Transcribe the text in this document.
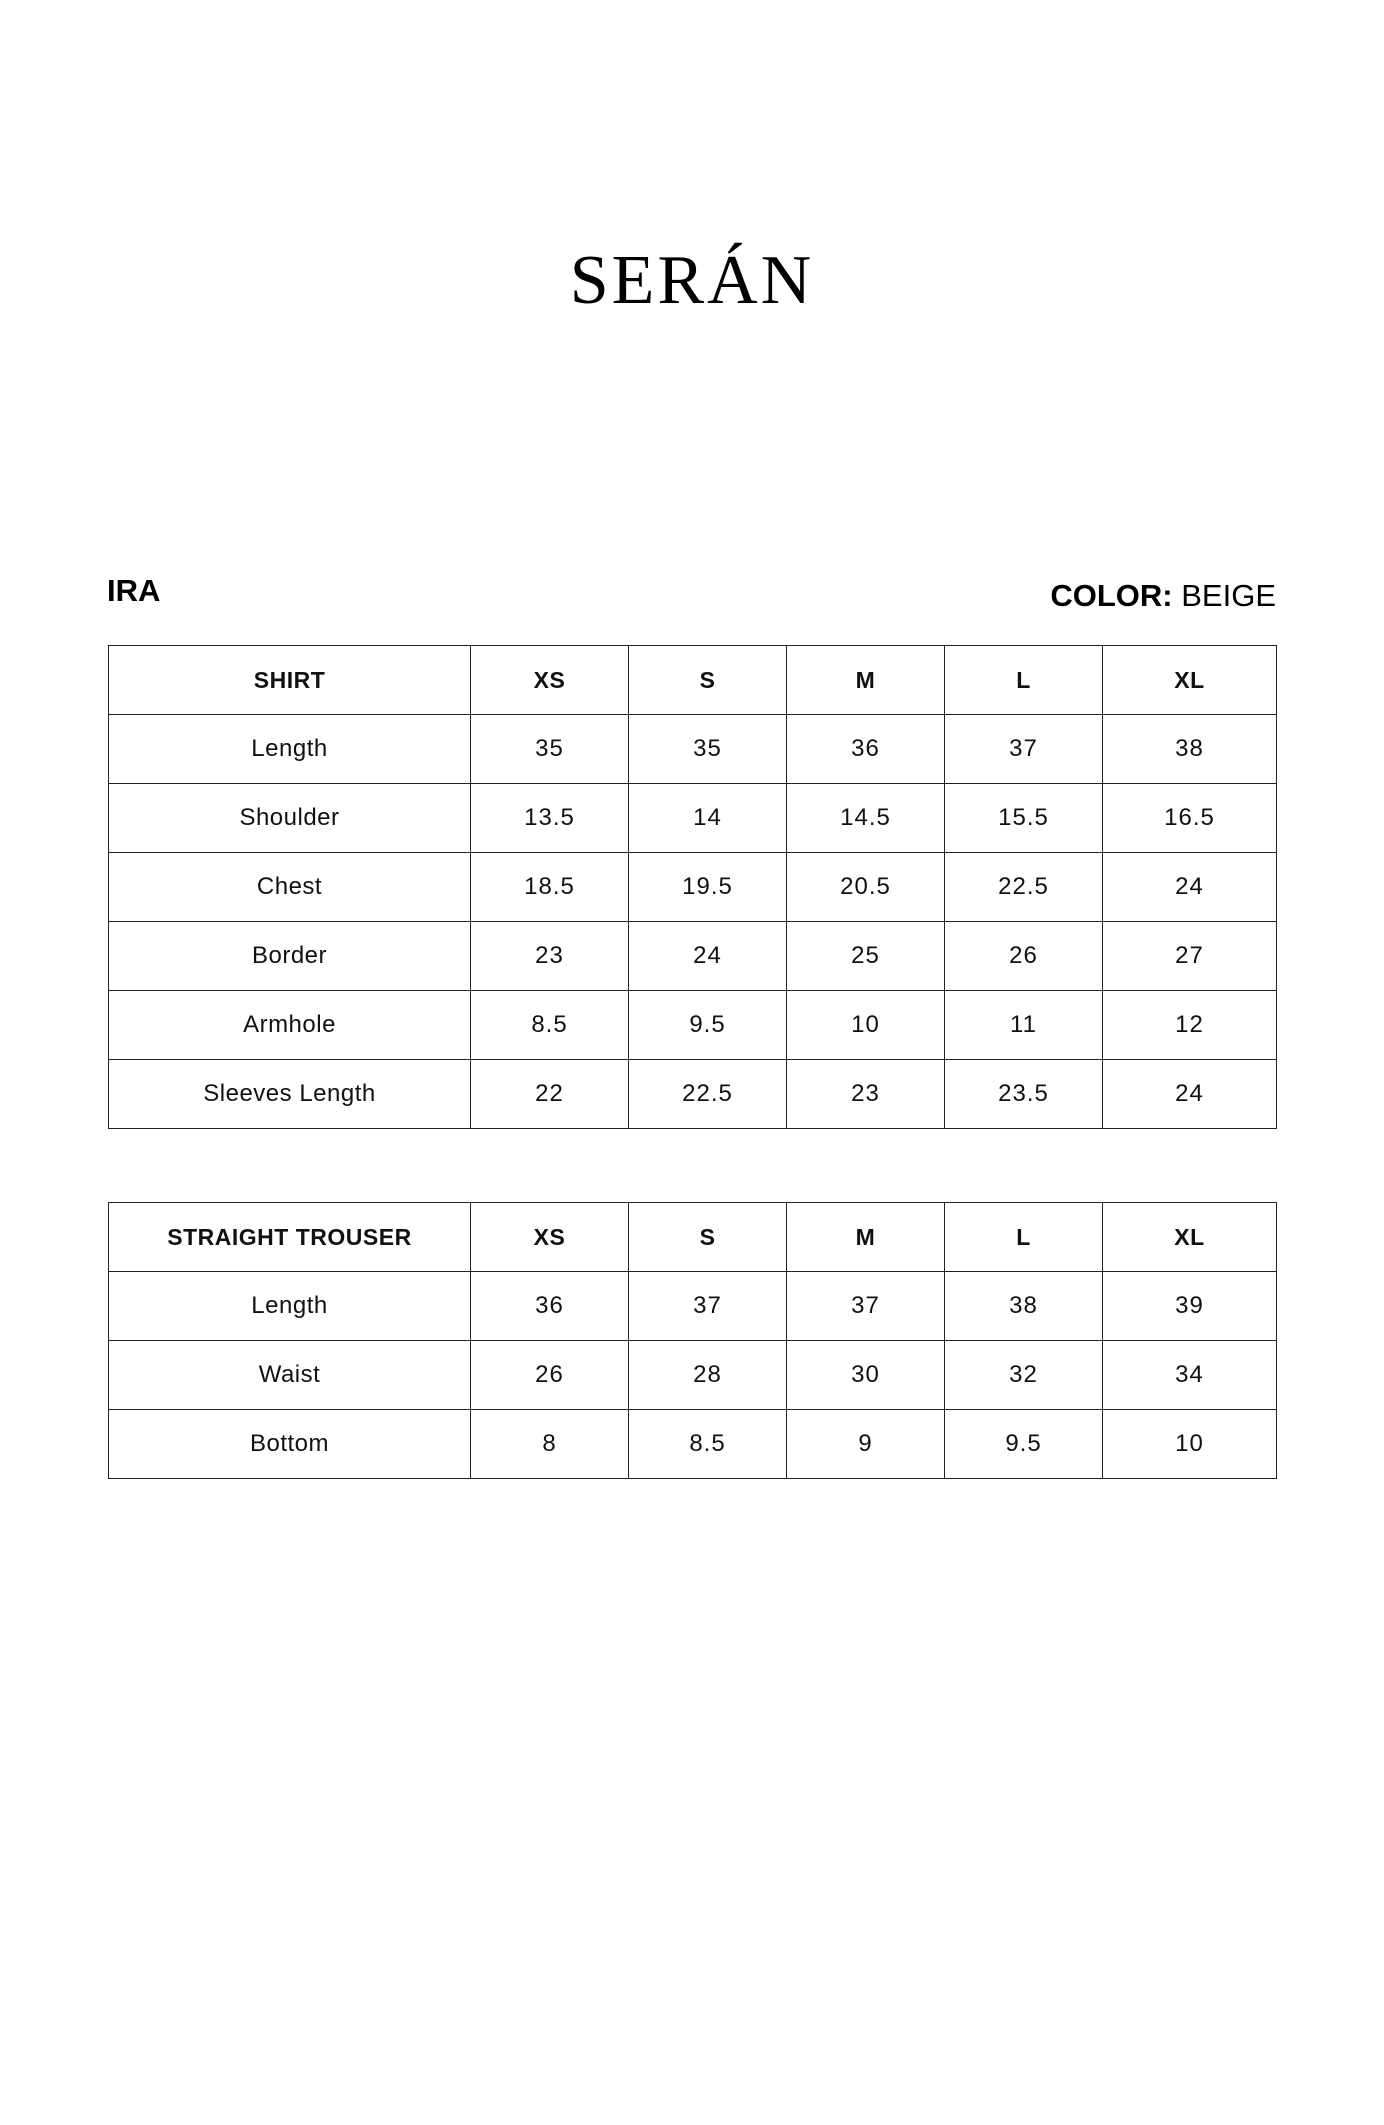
SERÁN
IRA	COLOR: BEIGE
SHIRT	XS	S	M	L	XL
Length	35	35	36	37	38
Shoulder	13.5	14	14.5	15.5	16.5
Chest	18.5	19.5	20.5	22.5	24
Border	23	24	25	26	27
Armhole	8.5	9.5	10	11	12
Sleeves Length	22	22.5	23	23.5	24
STRAIGHT TROUSER	XS	S	M	L	XL
Length	36	37	37	38	39
Waist	26	28	30	32	34
Bottom	8	8.5	9	9.5	10
